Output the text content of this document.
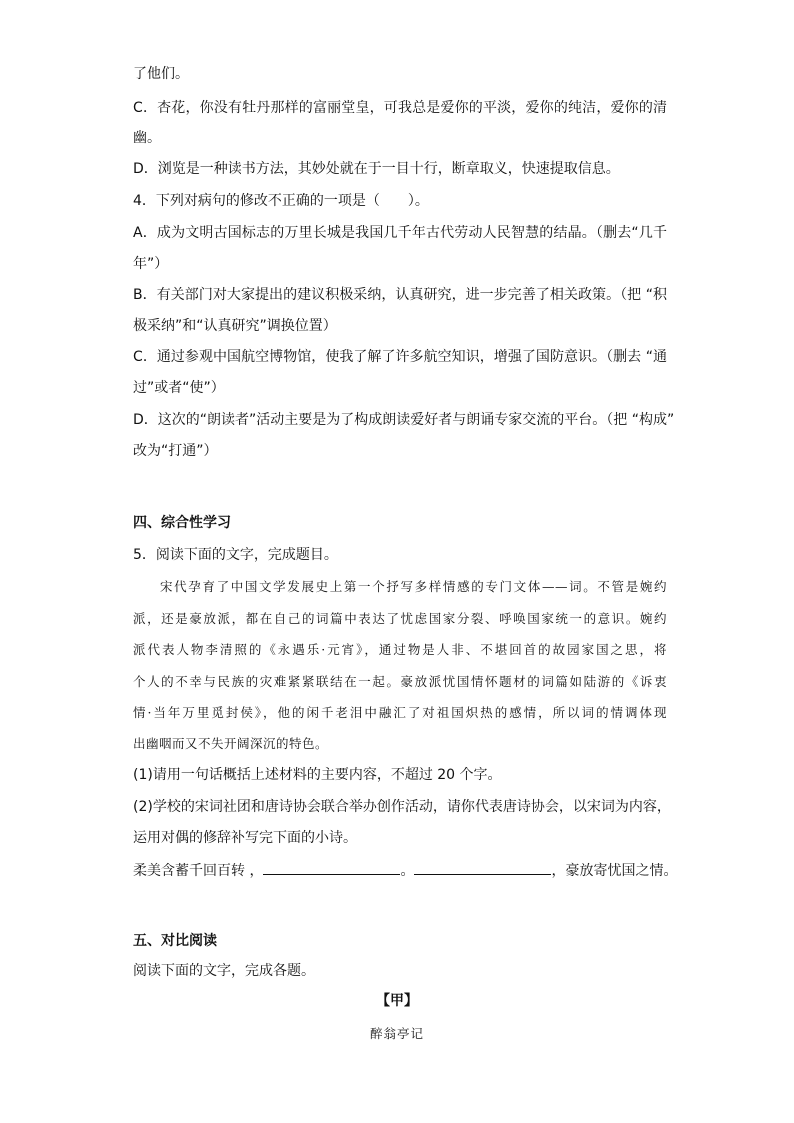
了他们。
C．杏花，你没有牡丹那样的富丽堂皇，可我总是爱你的平淡，爱你的纯洁，爱你的清
幽。
D．浏览是一种读书方法，其妙处就在于一目十行，断章取义，快速提取信息。
4．下列对病句的修改不正确的一项是（　　）。
A．成为文明古国标志的万里长城是我国几千年古代劳动人民智慧的结晶。（删去“几千
年”）
B．有关部门对大家提出的建议积极采纳，认真研究，进一步完善了相关政策。（把 “积
极采纳”和“认真研究”调换位置）
C．通过参观中国航空博物馆，使我了解了许多航空知识，增强了国防意识。（删去 “通
过”或者“使”）
D．这次的“朗读者”活动主要是为了构成朗读爱好者与朗诵专家交流的平台。（把 “构成”
改为“打通”）
四、综合性学习
5．阅读下面的文字，完成题目。
宋代孕育了中国文学发展史上第一个抒写多样情感的专门文体——词。不管是婉约
派，还是豪放派，都在自己的词篇中表达了忧虑国家分裂、呼唤国家统一的意识。婉约
派代表人物李清照的《永遇乐·元宵》，通过物是人非、不堪回首的故园家国之思，将
个人的不幸与民族的灾难紧紧联结在一起。豪放派忧国情怀题材的词篇如陆游的《诉衷
情·当年万里觅封侯》，他的闲千老泪中融汇了对祖国炽热的感情，所以词的情调体现
出幽咽而又不失开阔深沉的特色。
(1)请用一句话概括上述材料的主要内容，不超过 20 个字。
(2)学校的宋词社团和唐诗协会联合举办创作活动，请你代表唐诗协会，以宋词为内容，
运用对偶的修辞补写完下面的小诗。
柔美含蓄千回百转 ，	。	，豪放寄忧国之情。
五、对比阅读
阅读下面的文字，完成各题。
【甲】
醉翁亭记
